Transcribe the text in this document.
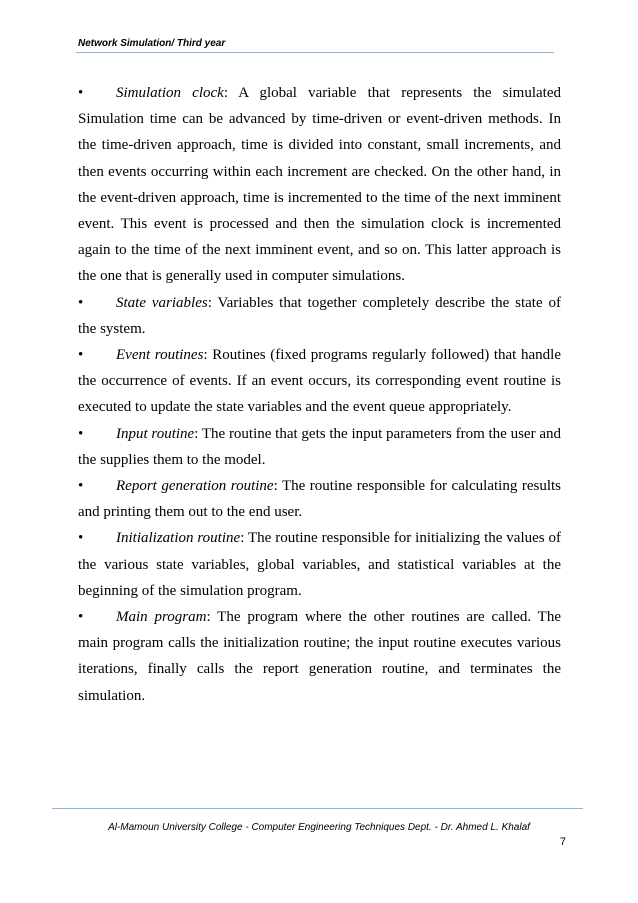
Network Simulation/ Third year

• Simulation clock: A global variable that represents the simulated Simulation time can be advanced by time-driven or event-driven methods. In the time-driven approach, time is divided into constant, small increments, and then events occurring within each increment are checked. On the other hand, in the event-driven approach, time is incremented to the time of the next imminent event. This event is processed and then the simulation clock is incremented again to the time of the next imminent event, and so on. This latter approach is the one that is generally used in computer simulations.

• State variables: Variables that together completely describe the state of the system.

• Event routines: Routines (fixed programs regularly followed) that handle the occurrence of events. If an event occurs, its corresponding event routine is executed to update the state variables and the event queue appropriately.

• Input routine: The routine that gets the input parameters from the user and the supplies them to the model.

• Report generation routine: The routine responsible for calculating results and printing them out to the end user.

• Initialization routine: The routine responsible for initializing the values of the various state variables, global variables, and statistical variables at the beginning of the simulation program.

• Main program: The program where the other routines are called. The main program calls the initialization routine; the input routine executes various iterations, finally calls the report generation routine, and terminates the simulation.

Al-Mamoun University College - Computer Engineering Techniques Dept. - Dr. Ahmed L. Khalaf
7
